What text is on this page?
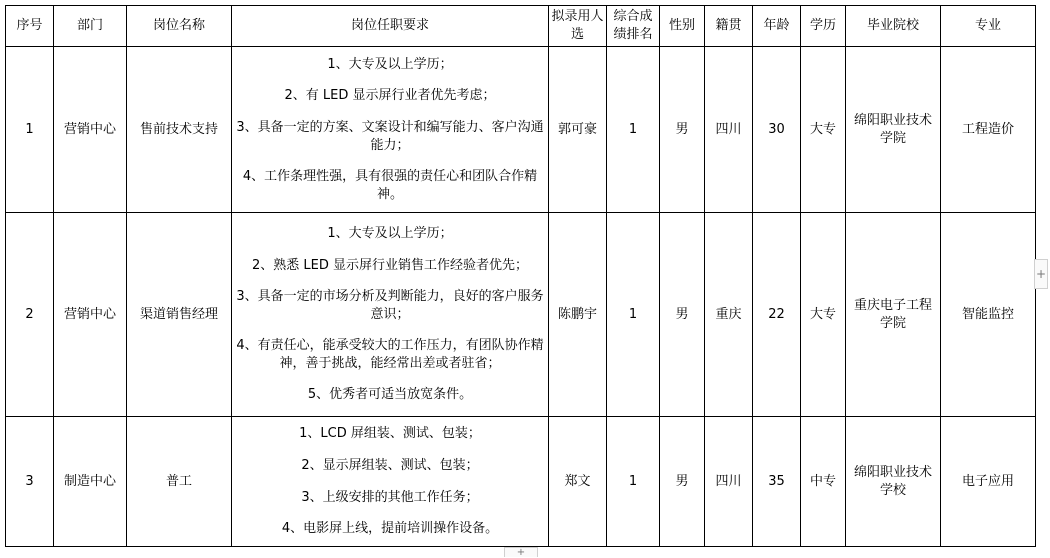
序号	部门	岗位名称	岗位任职要求	拟录用人选	综合成绩排名	性别	籍贯	年龄	学历	毕业院校	专业
1	营销中心	售前技术支持	1、大专及以上学历；
2、有 LED 显示屏行业者优先考虑；
3、具备一定的方案、文案设计和编写能力、客户沟通能力；
4、工作条理性强，具有很强的责任心和团队合作精神。	郭可豪	1	男	四川	30	大专	绵阳职业技术学院	工程造价
2	营销中心	渠道销售经理	1、大专及以上学历；
2、熟悉 LED 显示屏行业销售工作经验者优先；
3、具备一定的市场分析及判断能力，良好的客户服务意识；
4、有责任心，能承受较大的工作压力，有团队协作精神，善于挑战，能经常出差或者驻省；
5、优秀者可适当放宽条件。	陈鹏宇	1	男	重庆	22	大专	重庆电子工程学院	智能监控
3	制造中心	普工	1、LCD 屏组装、测试、包装；
2、显示屏组装、测试、包装；
3、上级安排的其他工作任务；
4、电影屏上线，提前培训操作设备。	郑文	1	男	四川	35	中专	绵阳职业技术学校	电子应用
+
+
